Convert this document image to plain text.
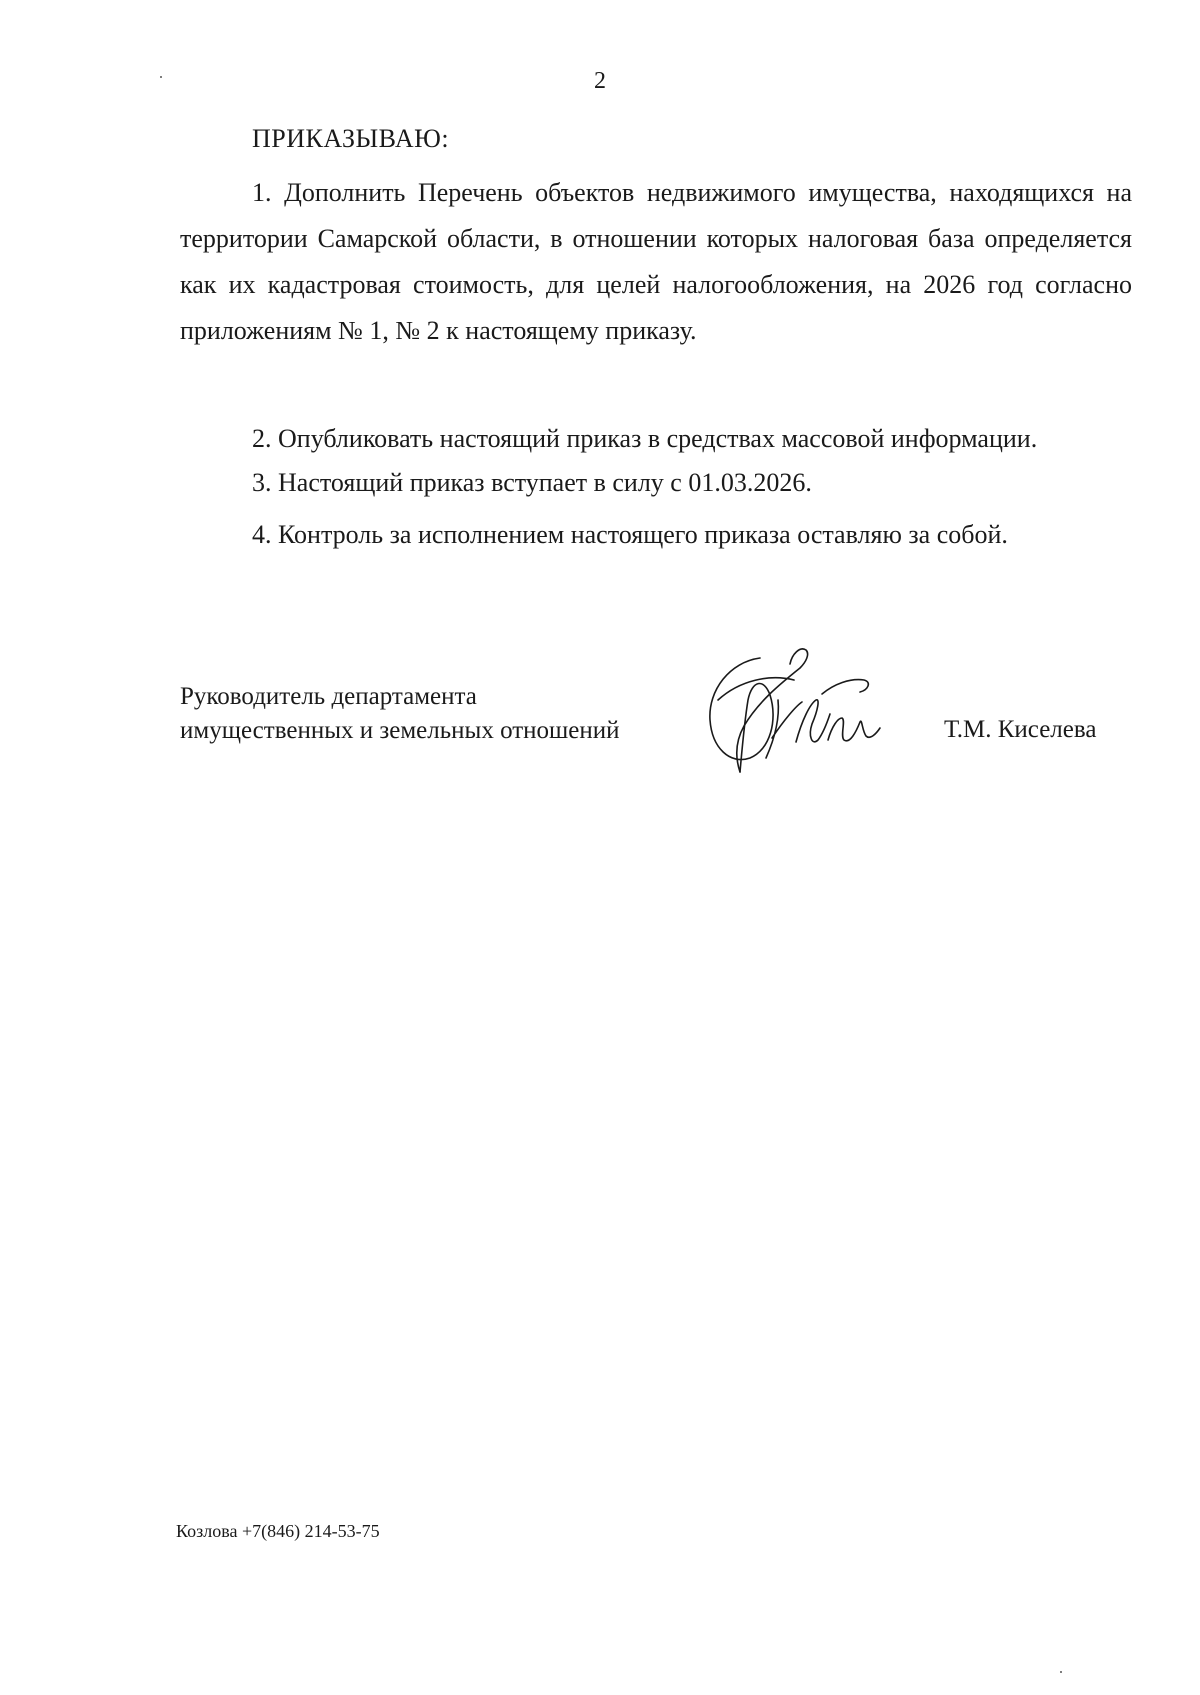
2
ПРИКАЗЫВАЮ:

1. Дополнить Перечень объектов недвижимого имущества, находящихся на территории Самарской области, в отношении которых налоговая база определяется как их кадастровая стоимость, для целей налогообложения, на 2026 год согласно приложениям № 1, № 2 к настоящему приказу.

2. Опубликовать настоящий приказ в средствах массовой информации.

3. Настоящий приказ вступает в силу с 01.03.2026.

4. Контроль за исполнением настоящего приказа оставляю за собой.

Руководитель департамента
имущественных и земельных отношений	Т.М. Киселева
Козлова +7(846) 214-53-75
